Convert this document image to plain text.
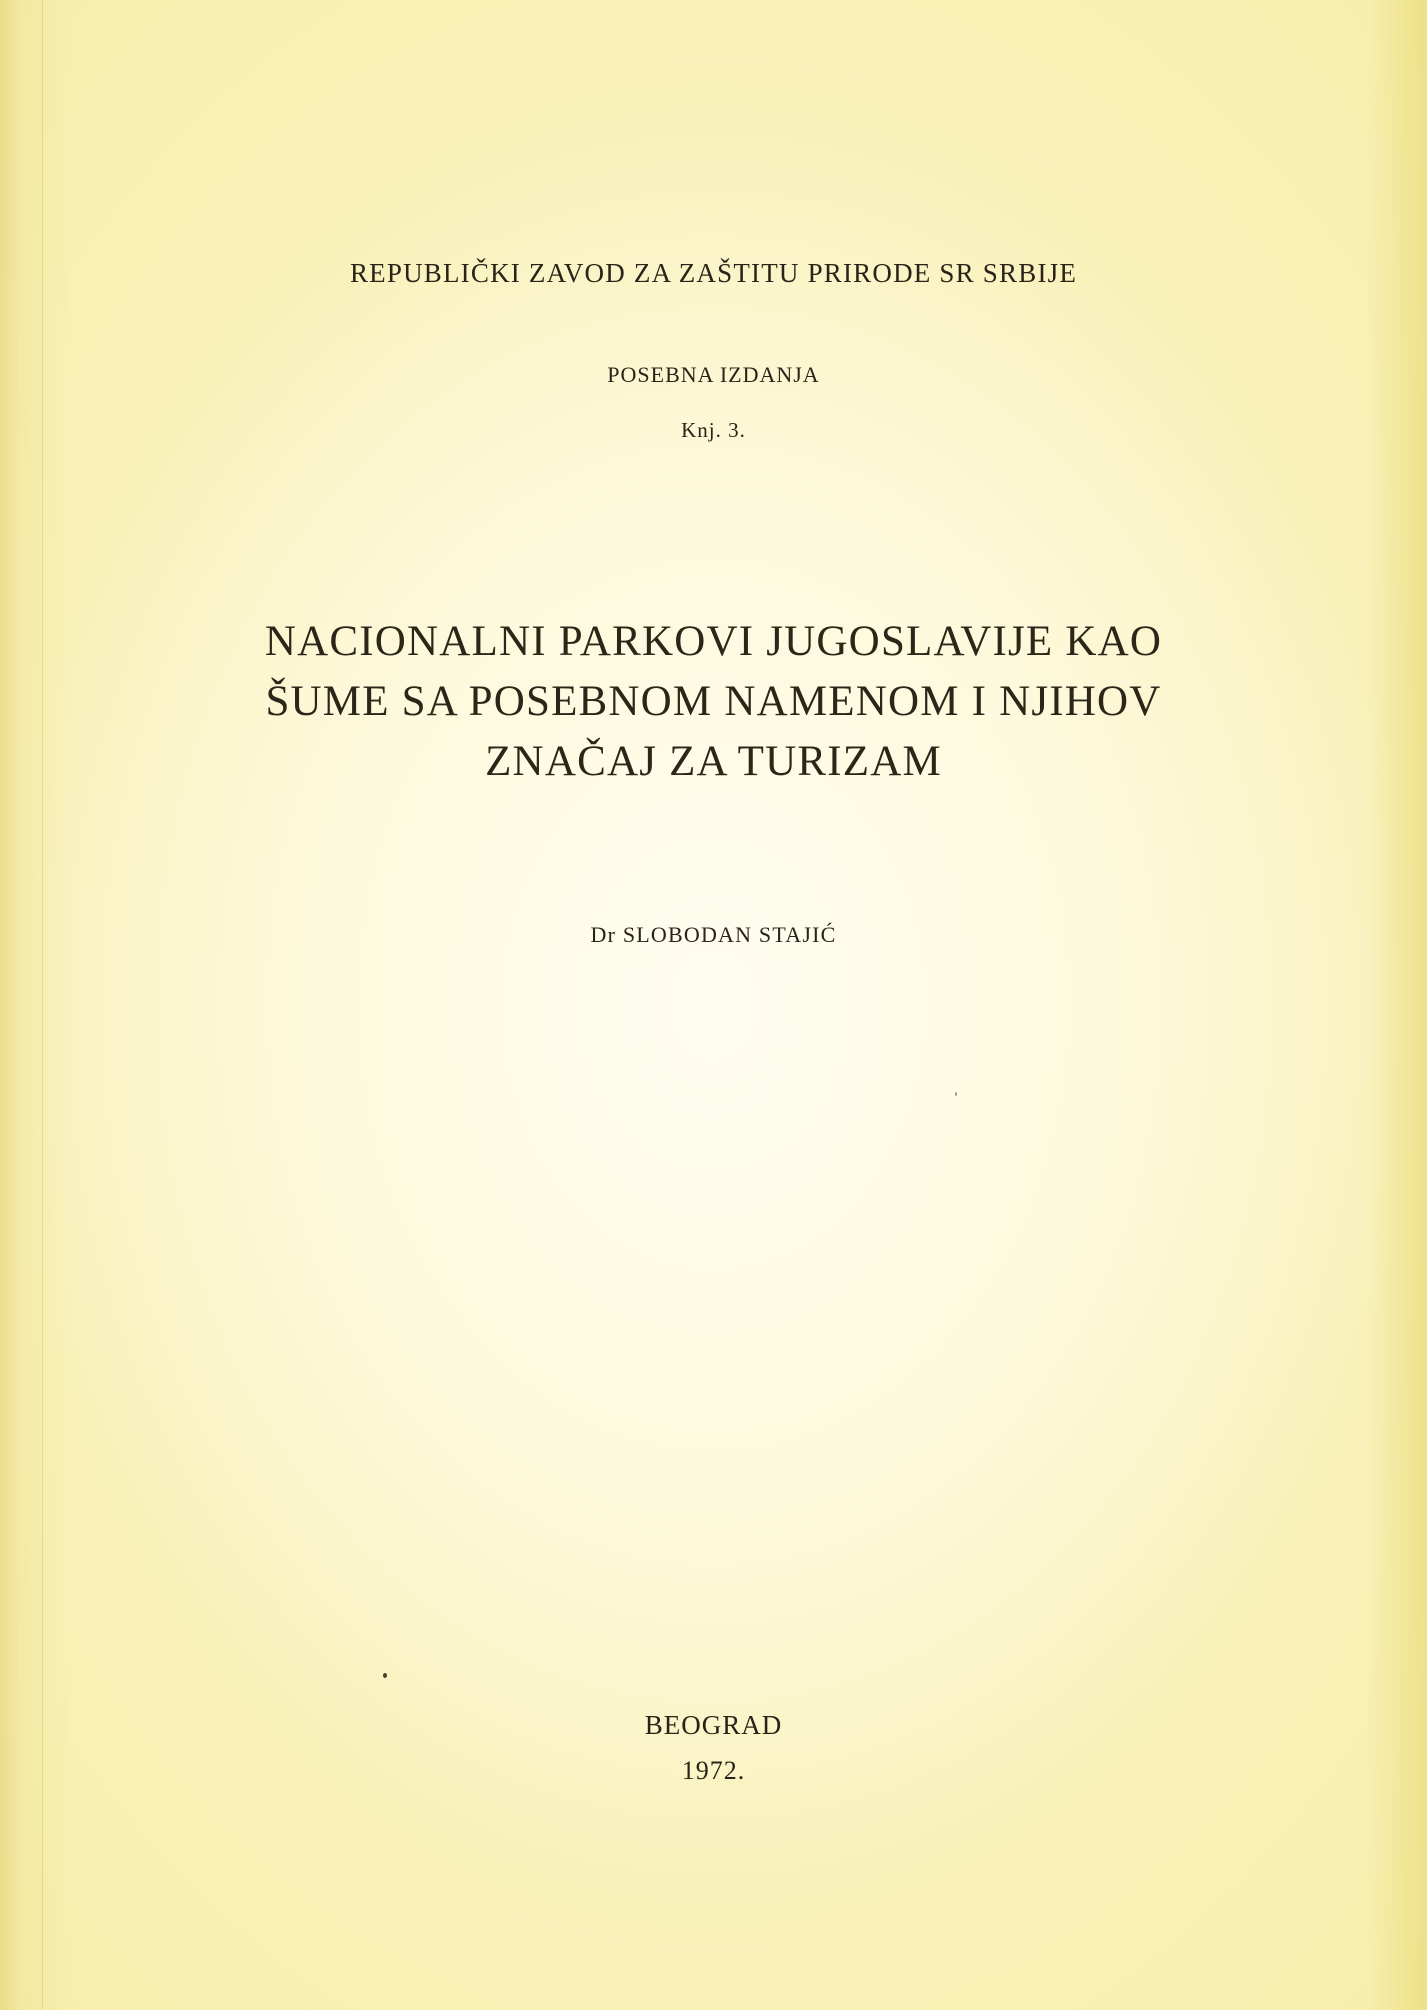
REPUBLIČKI ZAVOD ZA ZAŠTITU PRIRODE SR SRBIJE
POSEBNA IZDANJA
Knj. 3.
NACIONALNI PARKOVI JUGOSLAVIJE KAO
ŠUME SA POSEBNOM NAMENOM I NJIHOV
ZNAČAJ ZA TURIZAM
Dr SLOBODAN STAJIĆ
BEOGRAD
1972.
